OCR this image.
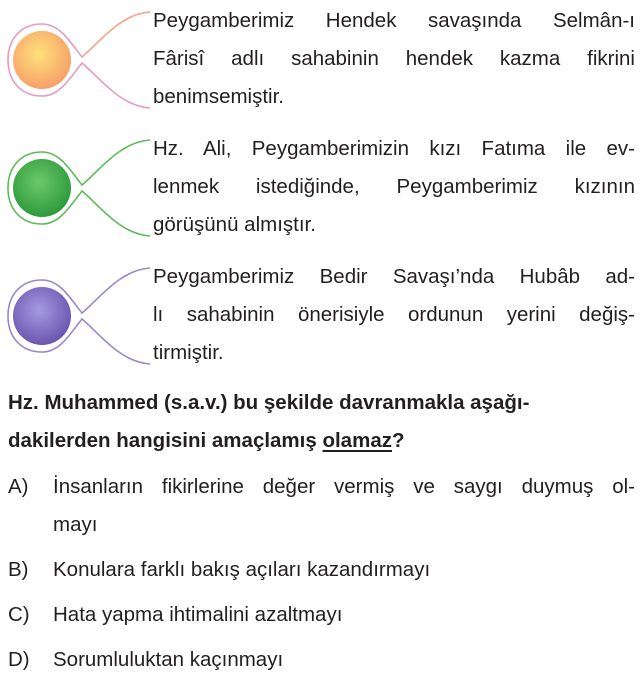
Peygamberimiz Hendek savaşında Selmân-ı
Fârisî adlı sahabinin hendek kazma fikrini
benimsemiştir.
Hz. Ali, Peygamberimizin kızı Fatıma ile ev-
lenmek istediğinde, Peygamberimiz kızının
görüşünü almıştır.
Peygamberimiz Bedir Savaşı’nda Hubâb ad-
lı sahabinin önerisiyle ordunun yerini değiş-
tirmiştir.
Hz. Muhammed (s.a.v.) bu şekilde davranmakla aşağı-
dakilerden hangisini amaçlamış olamaz?
A)	İnsanların fikirlerine değer vermiş ve saygı duymuş ol-
mayı
B)	Konulara farklı bakış açıları kazandırmayı
C)	Hata yapma ihtimalini azaltmayı
D)	Sorumluluktan kaçınmayı
